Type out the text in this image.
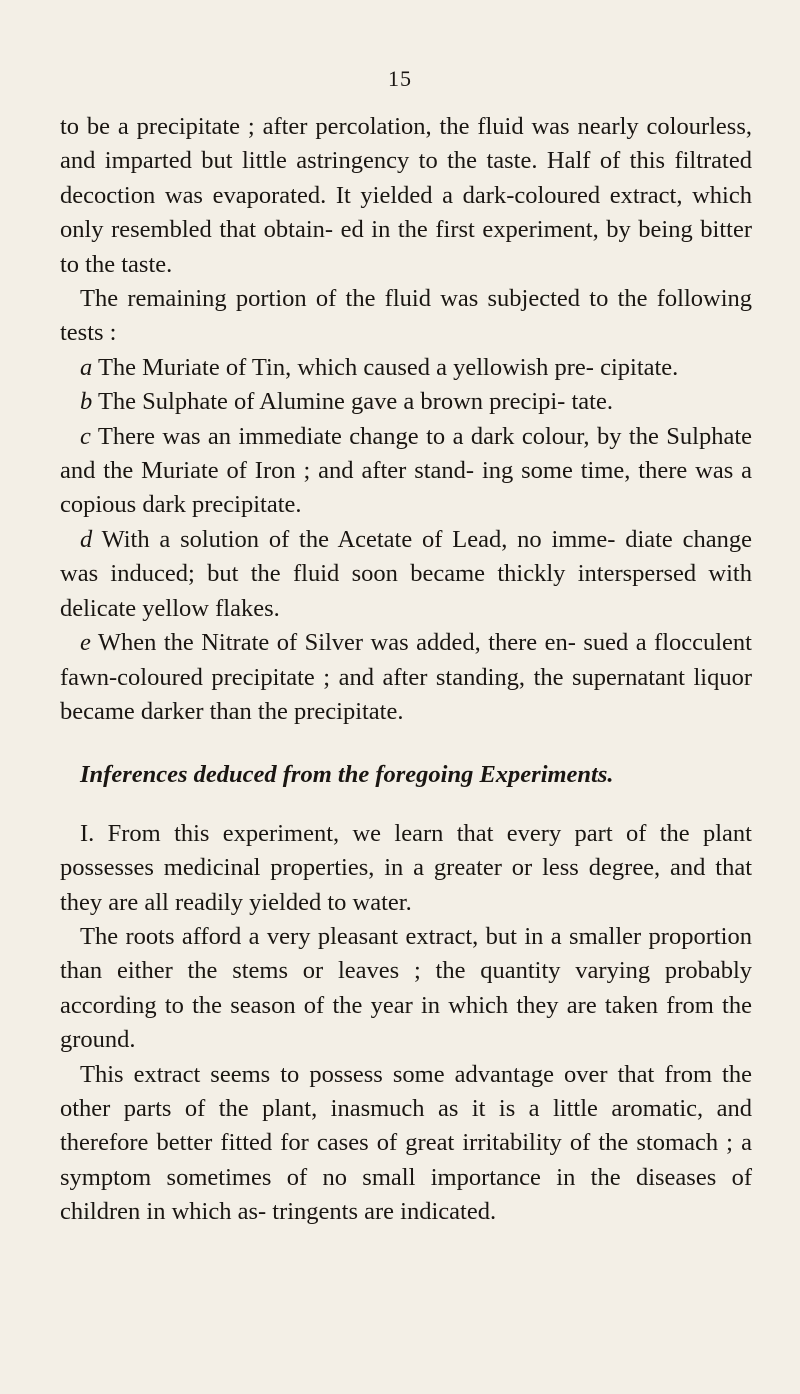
15

to be a precipitate ; after percolation, the fluid was nearly colourless, and imparted but little astringency to the taste. Half of this filtrated decoction was evaporated. It yielded a dark-coloured extract, which only resembled that obtain- ed in the first experiment, by being bitter to the taste.

The remaining portion of the fluid was subjected to the following tests :

a The Muriate of Tin, which caused a yellowish pre- cipitate.

b The Sulphate of Alumine gave a brown precipi- tate.

c There was an immediate change to a dark colour, by the Sulphate and the Muriate of Iron ; and after stand- ing some time, there was a copious dark precipitate.

d With a solution of the Acetate of Lead, no imme- diate change was induced; but the fluid soon became thickly interspersed with delicate yellow flakes.

e When the Nitrate of Silver was added, there en- sued a flocculent fawn-coloured precipitate ; and after standing, the supernatant liquor became darker than the precipitate.

Inferences deduced from the foregoing Experiments.

I. From this experiment, we learn that every part of the plant possesses medicinal properties, in a greater or less degree, and that they are all readily yielded to water.

The roots afford a very pleasant extract, but in a smaller proportion than either the stems or leaves ; the quantity varying probably according to the season of the year in which they are taken from the ground.

This extract seems to possess some advantage over that from the other parts of the plant, inasmuch as it is a little aromatic, and therefore better fitted for cases of great irritability of the stomach ; a symptom sometimes of no small importance in the diseases of children in which as- tringents are indicated.
